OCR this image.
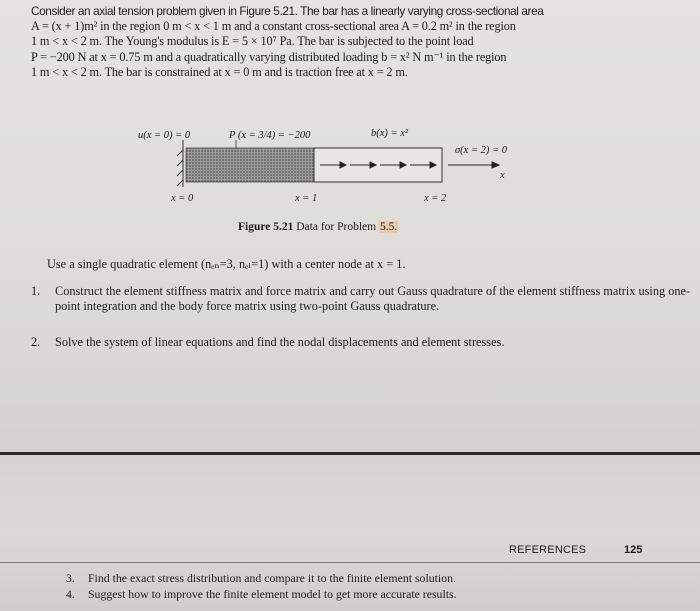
Consider an axial tension problem given in Figure 5.21. The bar has a linearly varying cross-sectional area
A = (x + 1)m² in the region 0 m < x < 1 m and a constant cross-sectional area A = 0.2 m² in the region
1 m < x < 2 m. The Young's modulus is E = 5 × 10⁷ Pa. The bar is subjected to the point load
P = −200 N at x = 0.75 m and a quadratically varying distributed loading b = x² N m⁻¹ in the region
1 m < x < 2 m. The bar is constrained at x = 0 m and is traction free at x = 2 m.
u(x = 0) = 0	P (x = 3/4) = −200	b(x) = x²
σ(x = 2) = 0
x
x = 0	x = 1	x = 2
Figure 5.21 Data for Problem 5.5.
Use a single quadratic element (nₑₙ=3, nₑₗ=1) with a center node at x = 1.
1. Construct the element stiffness matrix and force matrix and carry out Gauss quadrature of the element stiffness matrix using one-point integration and the body force matrix using two-point Gauss quadrature.
2. Solve the system of linear equations and find the nodal displacements and element stresses.
REFERENCES	125
3. Find the exact stress distribution and compare it to the finite element solution.
4. Suggest how to improve the finite element model to get more accurate results.
